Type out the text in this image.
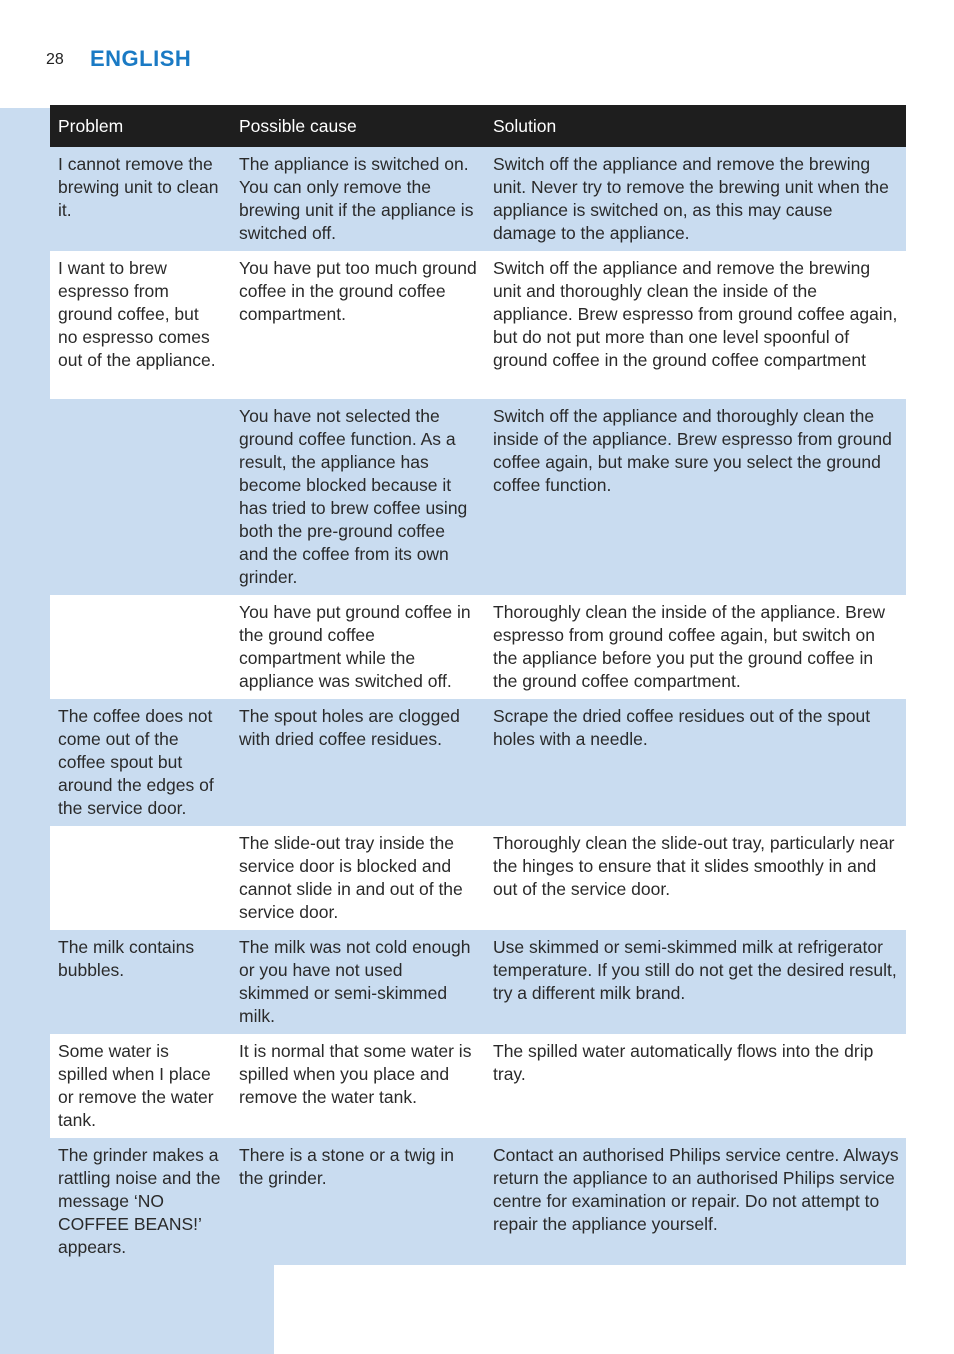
28 ENGLISH
Problem	Possible cause	Solution
I cannot remove the brewing unit to clean it.	The appliance is switched on. You can only remove the brewing unit if the appliance is switched off.	Switch off the appliance and remove the brewing unit. Never try to remove the brewing unit when the appliance is switched on, as this may cause damage to the appliance.
I want to brew espresso from ground coffee, but no espresso comes out of the appliance.	You have put too much ground coffee in the ground coffee compartment.	Switch off the appliance and remove the brewing unit and thoroughly clean the inside of the appliance. Brew espresso from ground coffee again, but do not put more than one level spoonful of ground coffee in the ground coffee compartment
	You have not selected the ground coffee function. As a result, the appliance has become blocked because it has tried to brew coffee using both the pre-ground coffee and the coffee from its own grinder.	Switch off the appliance and thoroughly clean the inside of the appliance. Brew espresso from ground coffee again, but make sure you select the ground coffee function.
	You have put ground coffee in the ground coffee compartment while the appliance was switched off.	Thoroughly clean the inside of the appliance. Brew espresso from ground coffee again, but switch on the appliance before you put the ground coffee in the ground coffee compartment.
The coffee does not come out of the coffee spout but around the edges of the service door.	The spout holes are clogged with dried coffee residues.	Scrape the dried coffee residues out of the spout holes with a needle.
	The slide-out tray inside the service door is blocked and cannot slide in and out of the service door.	Thoroughly clean the slide-out tray, particularly near the hinges to ensure that it slides smoothly in and out of the service door.
The milk contains bubbles.	The milk was not cold enough or you have not used skimmed or semi-skimmed milk.	Use skimmed or semi-skimmed milk at refrigerator temperature. If you still do not get the desired result, try a different milk brand.
Some water is spilled when I place or remove the water tank.	It is normal that some water is spilled when you place and remove the water tank.	The spilled water automatically flows into the drip tray.
The grinder makes a rattling noise and the message ‘NO COFFEE BEANS!’ appears.	There is a stone or a twig in the grinder.	Contact an authorised Philips service centre. Always return the appliance to an authorised Philips service centre for examination or repair. Do not attempt to repair the appliance yourself.
